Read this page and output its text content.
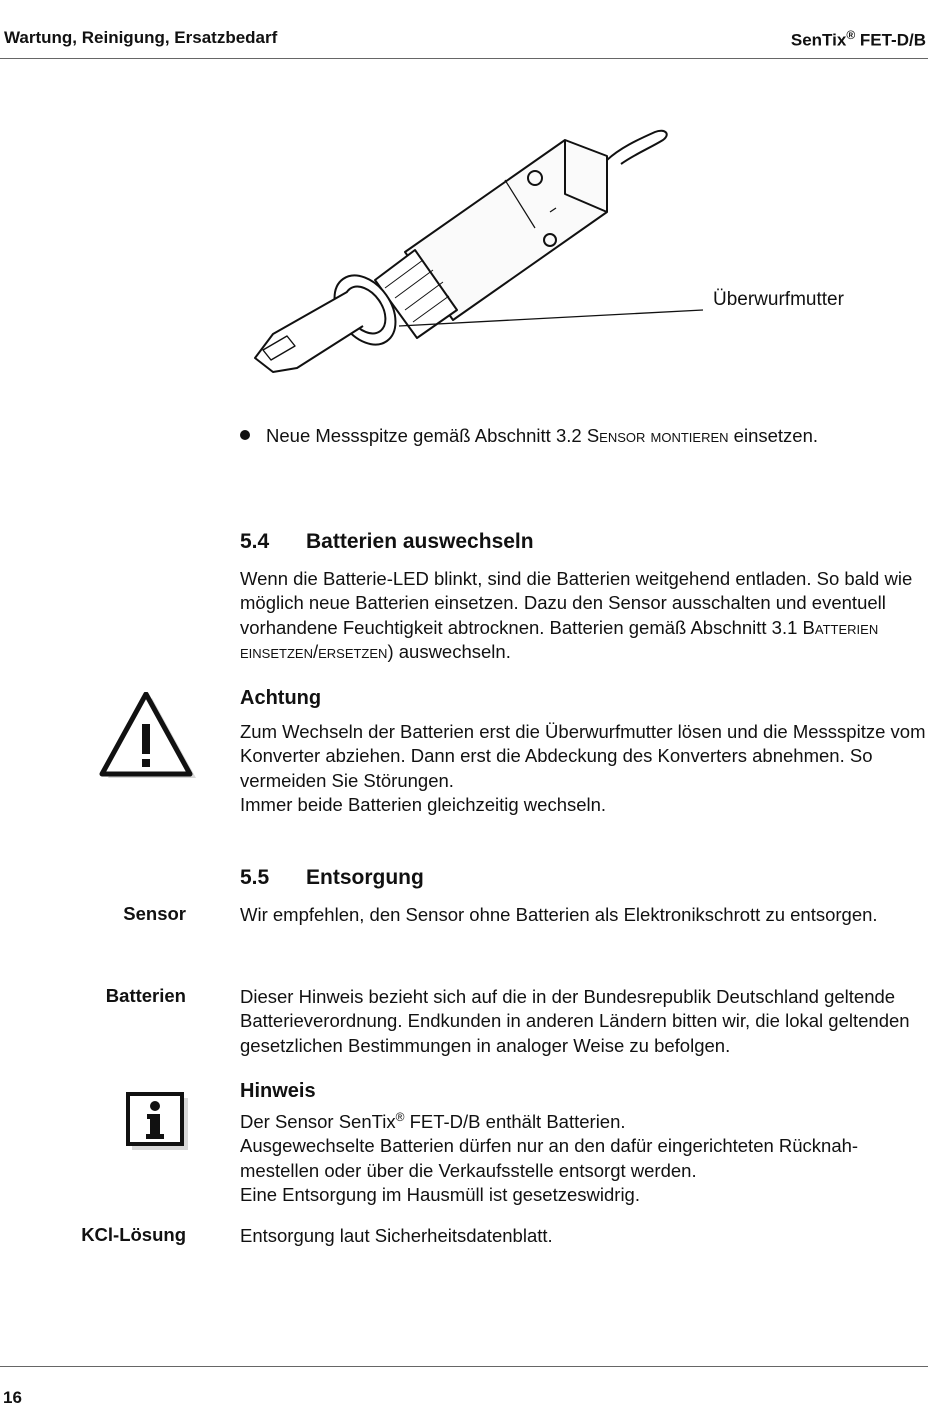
Wartung, Reinigung, Ersatzbedarf	SenTix® FET-D/B
Überwurfmutter
Neue Messspitze gemäß Abschnitt 3.2 Sensor montieren einsetzen.
5.4 Batterien auswechseln
Wenn die Batterie-LED blinkt, sind die Batterien weitgehend entladen. So bald wie möglich neue Batterien einsetzen. Dazu den Sensor ausschalten und eventuell vorhandene Feuchtigkeit abtrocknen. Batterien gemäß Abschnitt 3.1 Batterien einsetzen/ersetzen) auswechseln.
Achtung
Zum Wechseln der Batterien erst die Überwurfmutter lösen und die Messspitze vom Konverter abziehen. Dann erst die Abdeckung des Konverters abnehmen. So vermeiden Sie Störungen.
Immer beide Batterien gleichzeitig wechseln.
5.5 Entsorgung
Sensor	Wir empfehlen, den Sensor ohne Batterien als Elektronikschrott zu entsorgen.
Batterien	Dieser Hinweis bezieht sich auf die in der Bundesrepublik Deutschland geltende Batterieverordnung. Endkunden in anderen Ländern bitten wir, die lokal geltenden gesetzlichen Bestimmungen in analoger Weise zu befolgen.
Hinweis
Der Sensor SenTix® FET-D/B enthält Batterien.
Ausgewechselte Batterien dürfen nur an den dafür eingerichteten Rücknah-mestellen oder über die Verkaufsstelle entsorgt werden.
Eine Entsorgung im Hausmüll ist gesetzeswidrig.
KCl-Lösung	Entsorgung laut Sicherheitsdatenblatt.
16
